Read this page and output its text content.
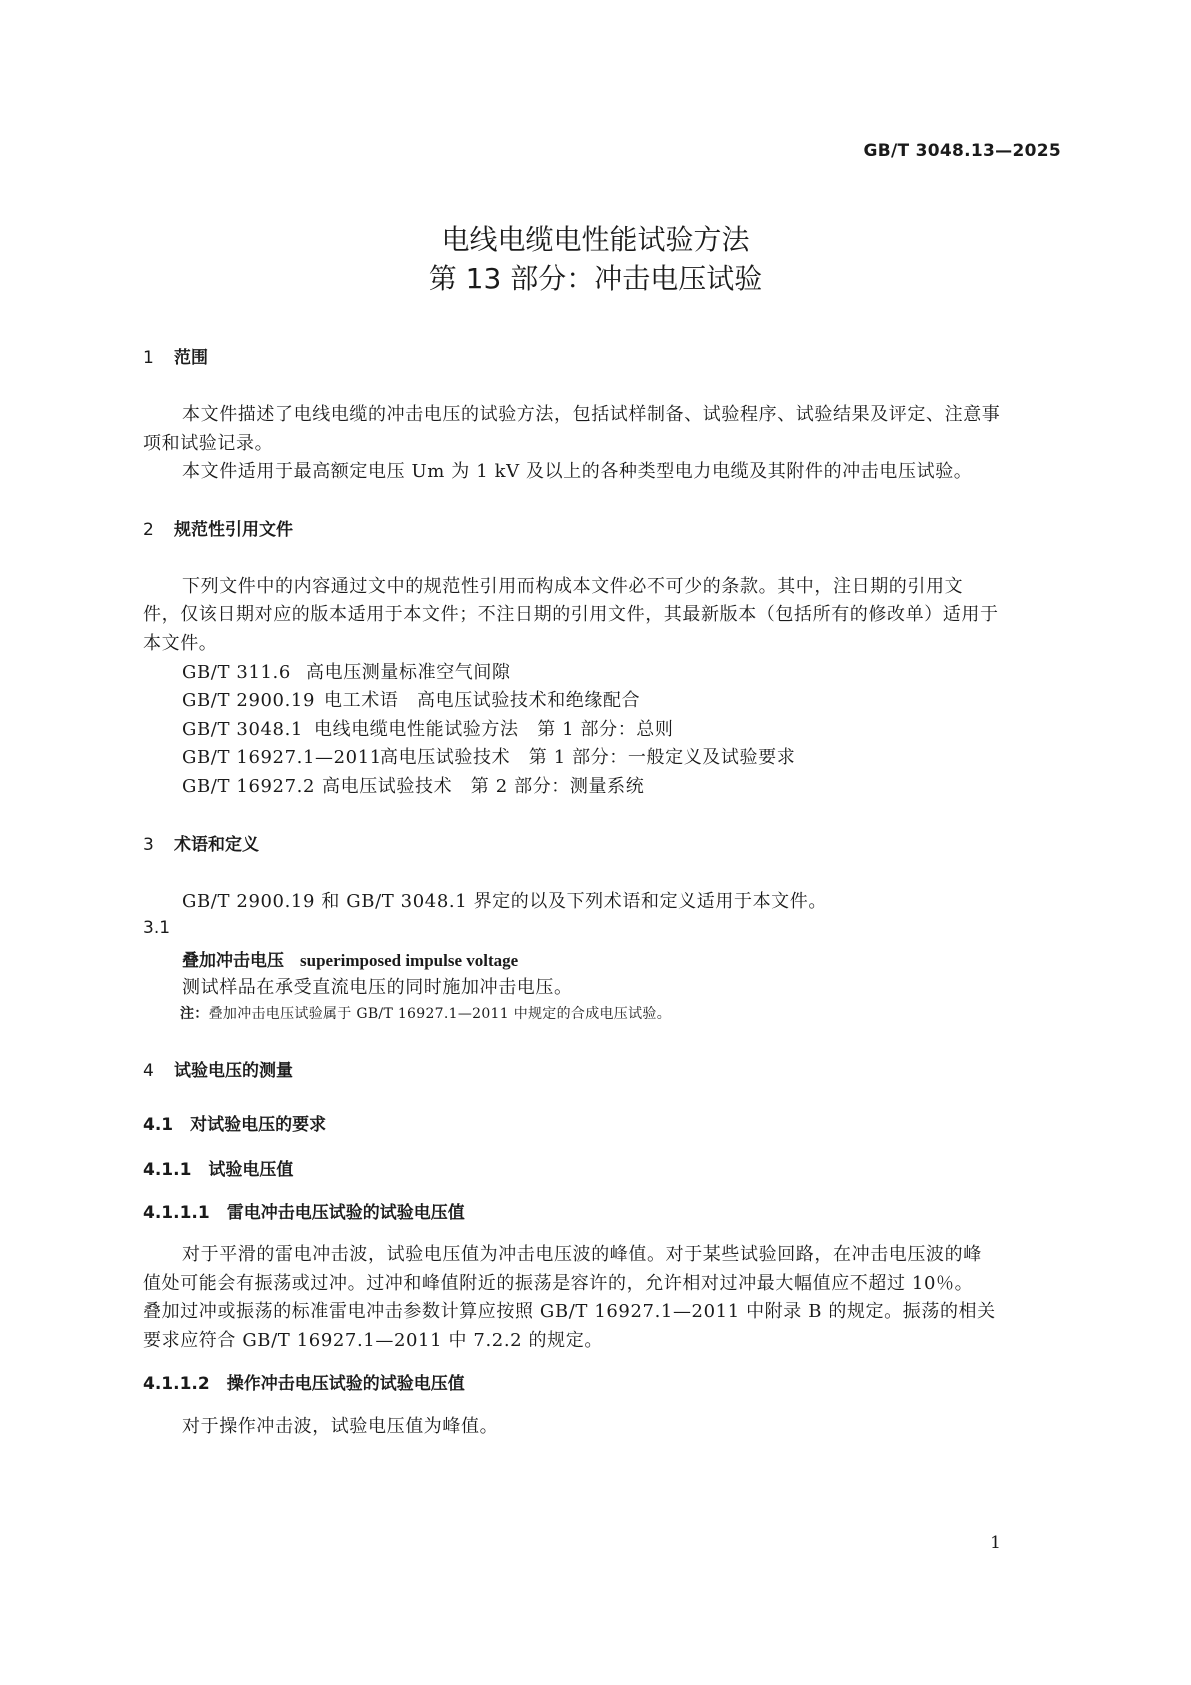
GB/T 3048.13—2025
电线电缆电性能试验方法
第 13 部分：冲击电压试验
1 范围
本文件描述了电线电缆的冲击电压的试验方法，包括试样制备、试验程序、试验结果及评定、注意事
项和试验记录。
本文件适用于最高额定电压 Um 为 1 kV 及以上的各种类型电力电缆及其附件的冲击电压试验。
2 规范性引用文件
下列文件中的内容通过文中的规范性引用而构成本文件必不可少的条款。其中，注日期的引用文
件，仅该日期对应的版本适用于本文件；不注日期的引用文件，其最新版本（包括所有的修改单）适用于
本文件。
GB/T 311.6 高电压测量标准空气间隙
GB/T 2900.19 电工术语　高电压试验技术和绝缘配合
GB/T 3048.1 电线电缆电性能试验方法　第 1 部分：总则
GB/T 16927.1—2011高电压试验技术　第 1 部分：一般定义及试验要求
GB/T 16927.2 高电压试验技术　第 2 部分：测量系统
3 术语和定义
GB/T 2900.19 和 GB/T 3048.1 界定的以及下列术语和定义适用于本文件。
3.1
叠加冲击电压 superimposed impulse voltage
测试样品在承受直流电压的同时施加冲击电压。
注：叠加冲击电压试验属于 GB/T 16927.1—2011 中规定的合成电压试验。
4 试验电压的测量
4.1　对试验电压的要求
4.1.1　试验电压值
4.1.1.1　雷电冲击电压试验的试验电压值
对于平滑的雷电冲击波，试验电压值为冲击电压波的峰值。对于某些试验回路，在冲击电压波的峰
值处可能会有振荡或过冲。过冲和峰值附近的振荡是容许的，允许相对过冲最大幅值应不超过 10％。
叠加过冲或振荡的标准雷电冲击参数计算应按照 GB/T 16927.1—2011 中附录 B 的规定。振荡的相关
要求应符合 GB/T 16927.1—2011 中 7.2.2 的规定。
4.1.1.2　操作冲击电压试验的试验电压值
对于操作冲击波，试验电压值为峰值。
1
